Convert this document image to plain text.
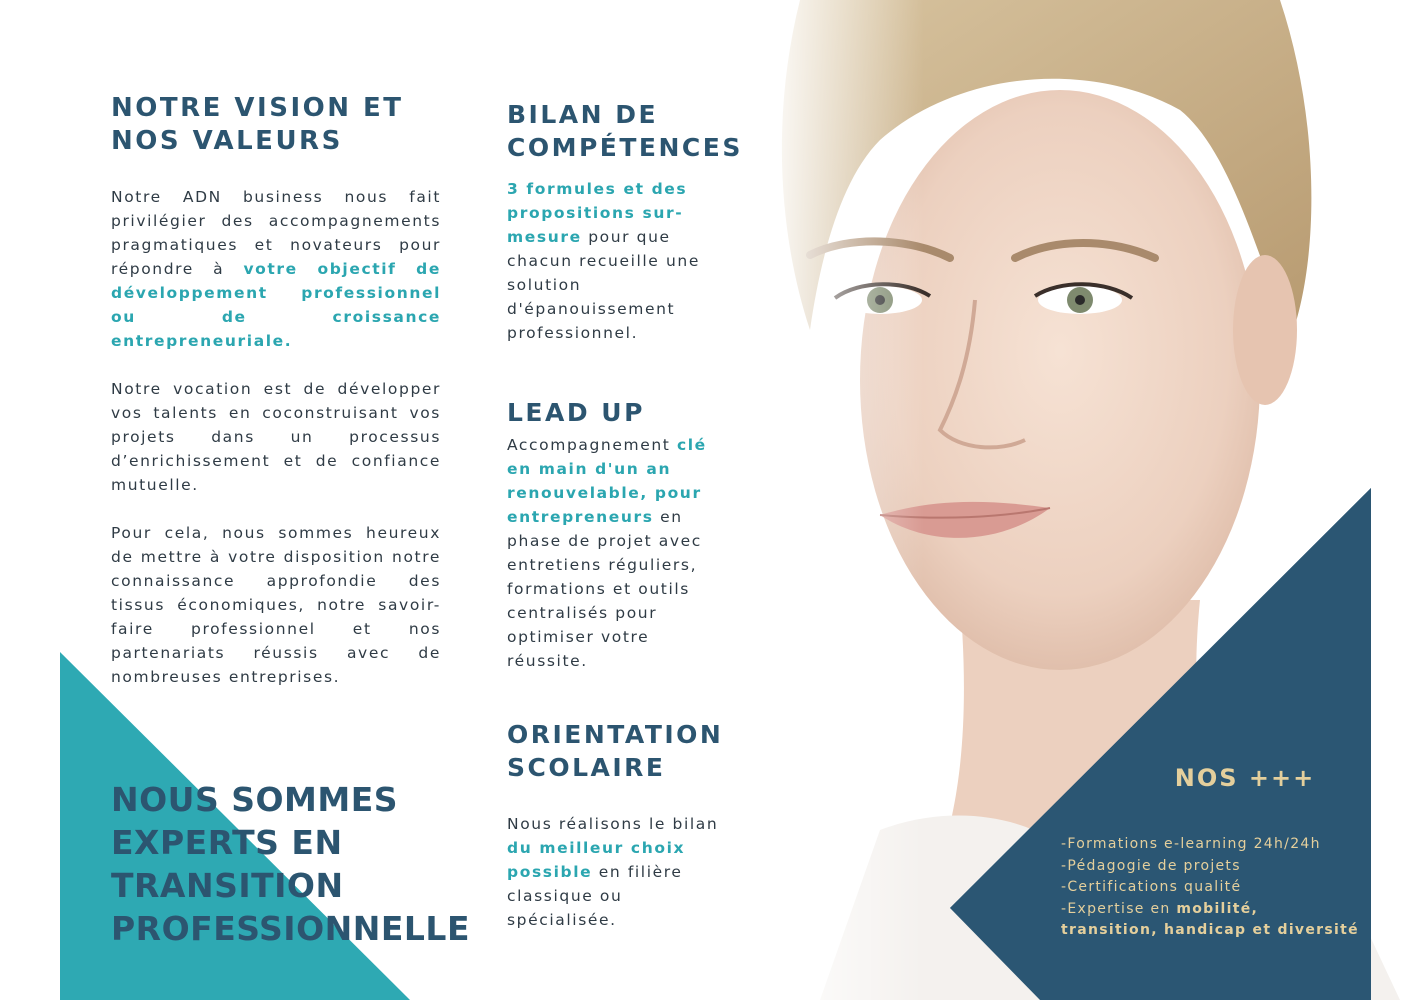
NOTRE VISION ET NOS VALEURS

Notre ADN business nous fait privilégier des accompagnements pragmatiques et novateurs pour répondre à votre objectif de développement professionnel ou de croissance entrepreneuriale.

Notre vocation est de développer vos talents en coconstruisant vos projets dans un processus d’enrichissement et de confiance mutuelle.

Pour cela, nous sommes heureux de mettre à votre disposition notre connaissance approfondie des tissus économiques, notre savoir-faire professionnel et nos partenariats réussis avec de nombreuses entreprises.

BILAN DE COMPÉTENCES

3 formules et des propositions sur-mesure pour que chacun recueille une solution d'épanouissement professionnel.

LEAD UP

Accompagnement clé en main d'un an renouvelable, pour entrepreneurs en phase de projet avec entretiens réguliers, formations et outils centralisés pour optimiser votre réussite.

ORIENTATION SCOLAIRE

Nous réalisons le bilan du meilleur choix possible en filière classique ou spécialisée.

NOUS SOMMES EXPERTS EN TRANSITION PROFESSIONNELLE
NOS +++
-Formations e-learning 24h/24h
-Pédagogie de projets
-Certifications qualité
-Expertise en mobilité, transition, handicap et diversité
